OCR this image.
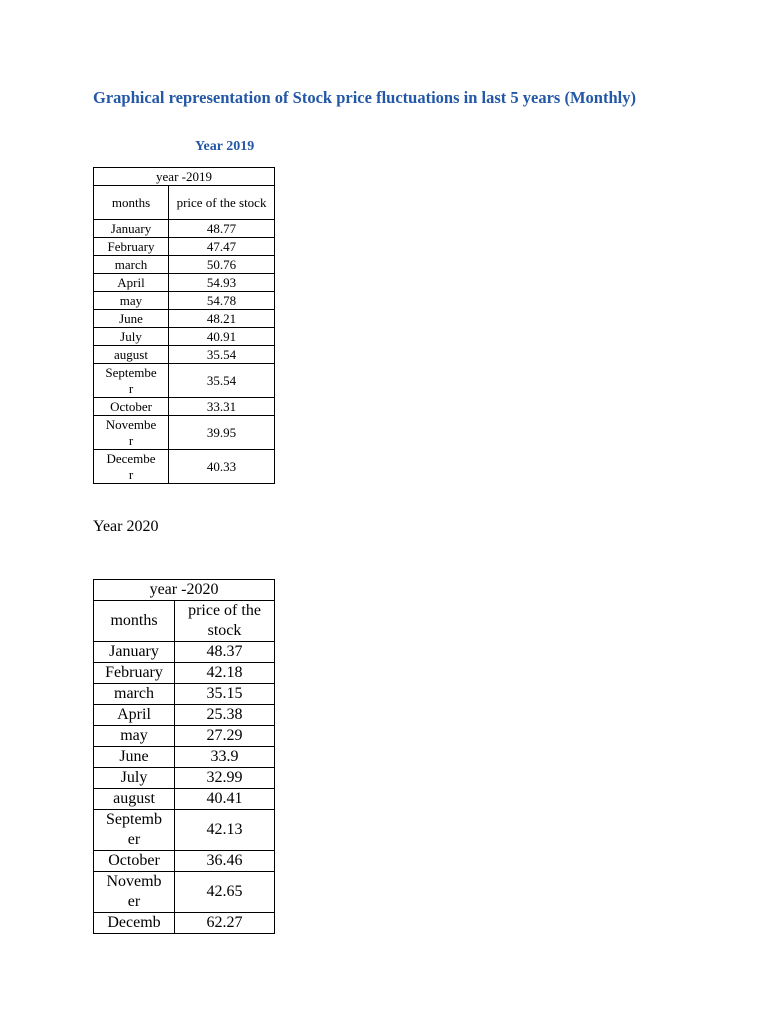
Graphical representation of Stock price fluctuations in last 5 years (Monthly)
Year 2019
year -2019	
months	price of the stock
January	48.77
February	47.47
march	50.76
April	54.93
may	54.78
June	48.21
July	40.91
august	35.54

Septembe
r	35.54
October	33.31

Novembe
r	39.95

Decembe
r	40.33
Year 2020
year -2020	
months	price of the stock
January	48.37
February	42.18
march	35.15
April	25.38
may	27.29
June	33.9
July	32.99
august	40.41

Septemb
er	42.13
October	36.46

Novemb
er	42.65
Decemb	62.27
